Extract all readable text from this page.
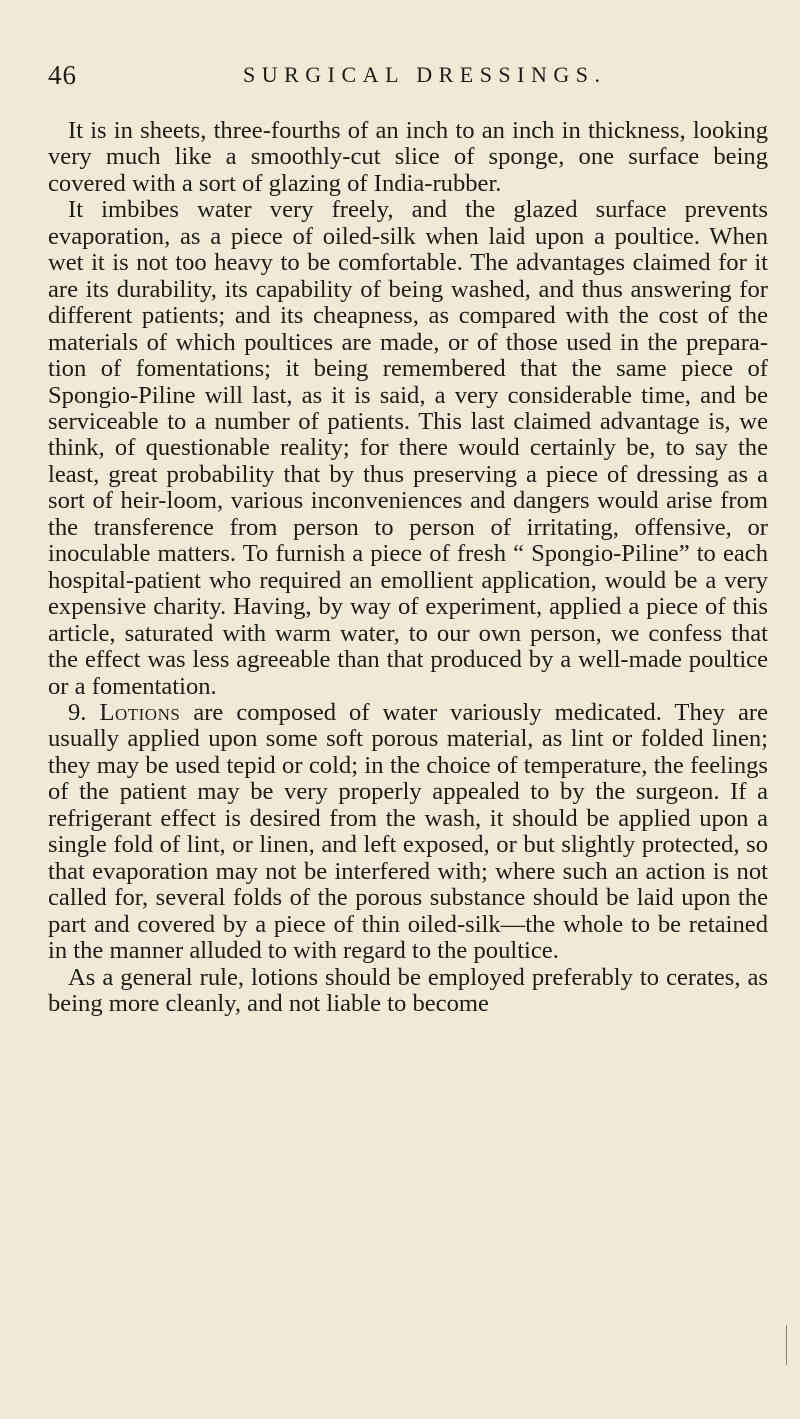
46	SURGICAL DRESSINGS.

It is in sheets, three-fourths of an inch to an inch in thickness, looking very much like a smoothly-cut slice of sponge, one surface being covered with a sort of glazing of India-rubber.

It imbibes water very freely, and the glazed surface prevents evaporation, as a piece of oiled-silk when laid upon a poultice. When wet it is not too heavy to be comfortable. The advantages claimed for it are its durability, its capability of being washed, and thus answering for different patients; and its cheapness, as compared with the cost of the materials of which poultices are made, or of those used in the preparation of fomentations; it being remembered that the same piece of Spongio-Piline will last, as it is said, a very considerable time, and be serviceable to a number of patients. This last claimed advantage is, we think, of questionable reality; for there would certainly be, to say the least, great probability that by thus preserving a piece of dressing as a sort of heir-loom, various inconveniences and dangers would arise from the transference from person to person of irritating, offensive, or inoculable matters. To furnish a piece of fresh “ Spongio-Piline” to each hospital-patient who required an emollient application, would be a very expensive charity. Having, by way of experiment, applied a piece of this article, saturated with warm water, to our own person, we confess that the effect was less agreeable than that produced by a well-made poultice or a fomentation.

9. Lotions are composed of water variously medicated. They are usually applied upon some soft porous material, as lint or folded linen; they may be used tepid or cold; in the choice of temperature, the feelings of the patient may be very properly appealed to by the surgeon. If a refrigerant effect is desired from the wash, it should be applied upon a single fold of lint, or linen, and left exposed, or but slightly protected, so that evaporation may not be interfered with; where such an action is not called for, several folds of the porous substance should be laid upon the part and covered by a piece of thin oiled-silk—the whole to be retained in the manner alluded to with regard to the poultice.

As a general rule, lotions should be employed preferably to cerates, as being more cleanly, and not liable to become
